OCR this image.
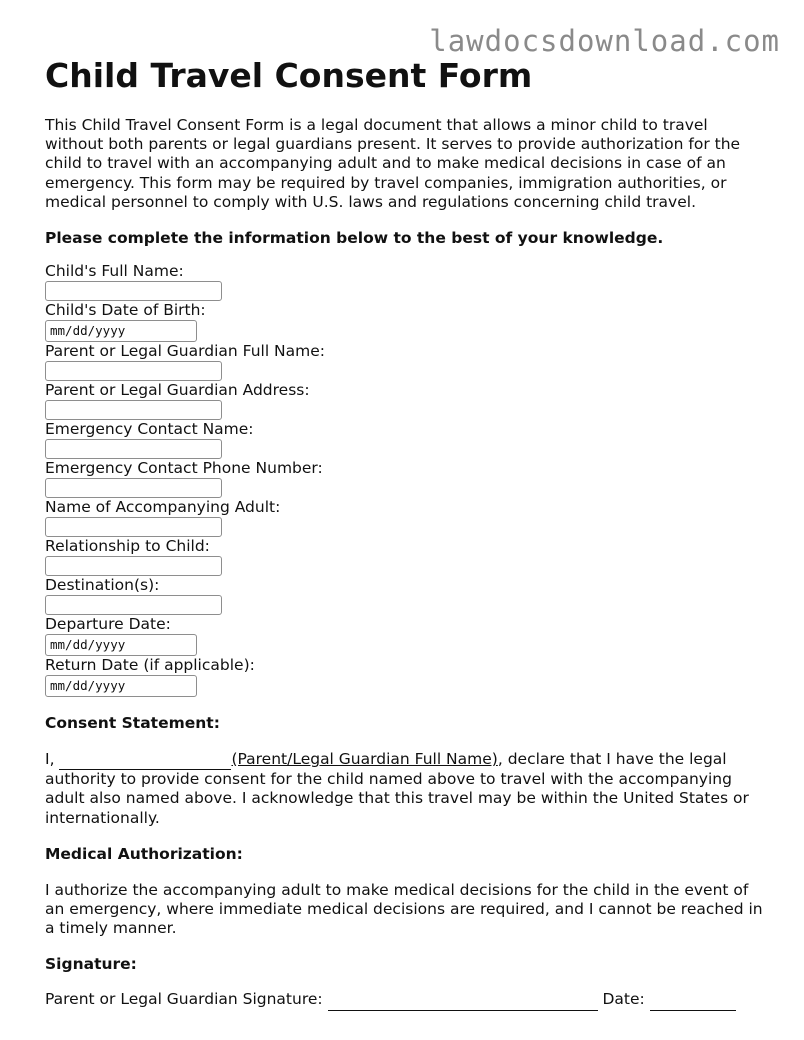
lawdocsdownload.com
Child Travel Consent Form

This Child Travel Consent Form is a legal document that allows a minor child to travel without both parents or legal guardians present. It serves to provide authorization for the child to travel with an accompanying adult and to make medical decisions in case of an emergency. This form may be required by travel companies, immigration authorities, or medical personnel to comply with U.S. laws and regulations concerning child travel.

Please complete the information below to the best of your knowledge.

Child's Full Name:
Child's Date of Birth:
mm/dd/yyyy
Parent or Legal Guardian Full Name:
Parent or Legal Guardian Address:
Emergency Contact Name:
Emergency Contact Phone Number:
Name of Accompanying Adult:
Relationship to Child:
Destination(s):
Departure Date:
mm/dd/yyyy
Return Date (if applicable):
mm/dd/yyyy

Consent Statement:

I,	(Parent/Legal Guardian Full Name), declare that I have the legal authority to provide consent for the child named above to travel with the accompanying adult also named above. I acknowledge that this travel may be within the United States or internationally.

Medical Authorization:

I authorize the accompanying adult to make medical decisions for the child in the event of an emergency, where immediate medical decisions are required, and I cannot be reached in a timely manner.

Signature:

Parent or Legal Guardian Signature:	Date:
